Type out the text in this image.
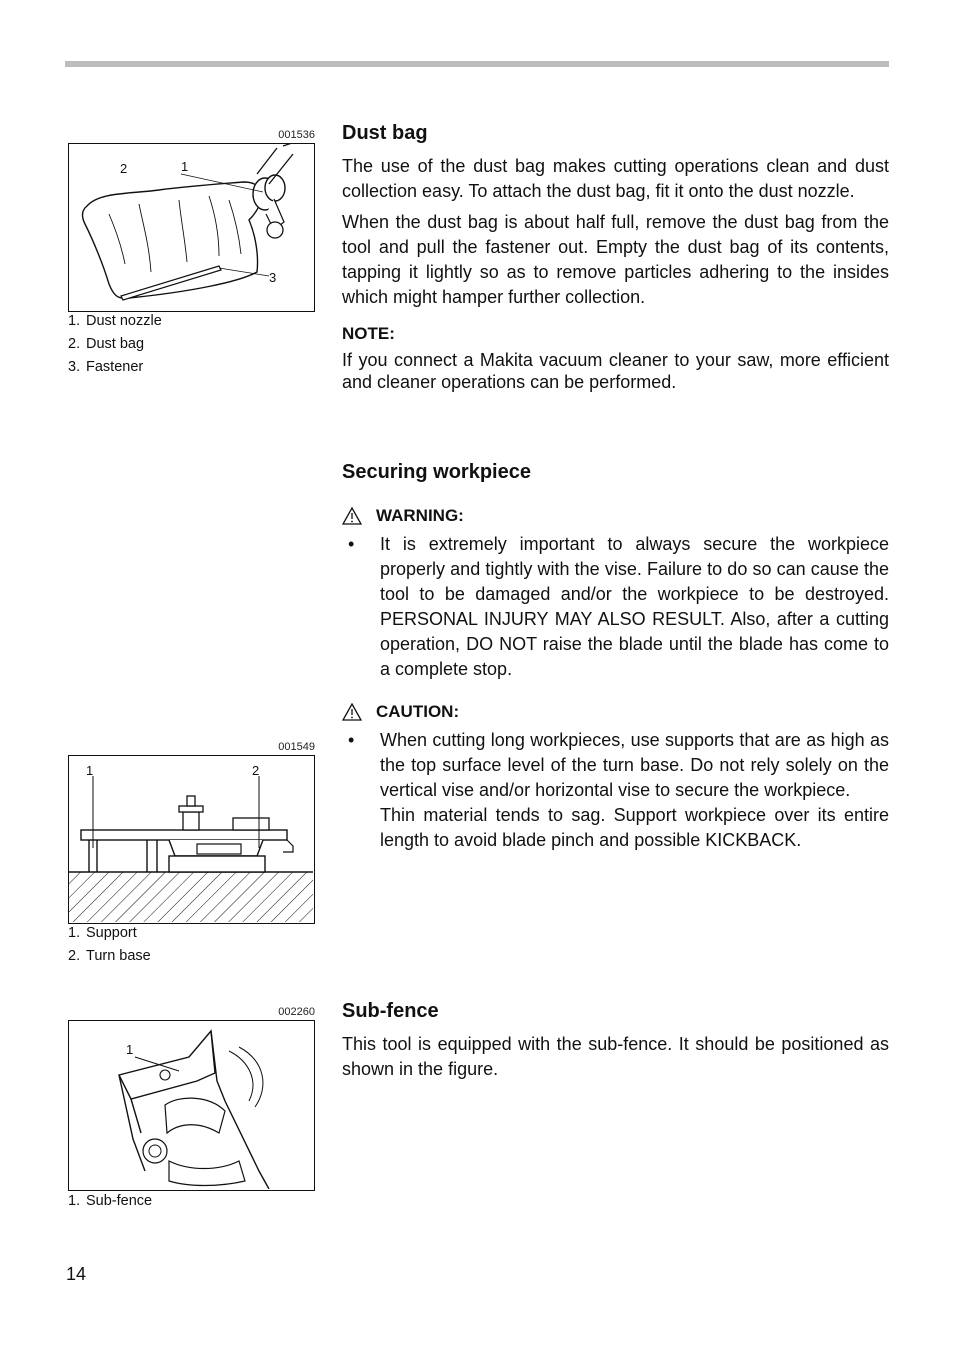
001536
2	1
3
1. Dust nozzle
2. Dust bag
3. Fastener
001549
1	2
1. Support
2. Turn base
002260
1
1. Sub-fence
Dust bag

The use of the dust bag makes cutting operations clean and dust collection easy. To attach the dust bag, fit it onto the dust nozzle.

When the dust bag is about half full, remove the dust bag from the tool and pull the fastener out. Empty the dust bag of its contents, tapping it lightly so as to remove particles adhering to the insides which might hamper further collection.

NOTE:

If you connect a Makita vacuum cleaner to your saw, more efficient and cleaner operations can be performed.

Securing workpiece
WARNING:
• It is extremely important to always secure the workpiece properly and tightly with the vise. Failure to do so can cause the tool to be damaged and/or the workpiece to be destroyed. PERSONAL INJURY MAY ALSO RESULT. Also, after a cutting operation, DO NOT raise the blade until the blade has come to a complete stop.

CAUTION:
• When cutting long workpieces, use supports that are as high as the top surface level of the turn base. Do not rely solely on the vertical vise and/or horizontal vise to secure the workpiece.

Thin material tends to sag. Support workpiece over its entire length to avoid blade pinch and possible KICKBACK.

Sub-fence

This tool is equipped with the sub-fence. It should be positioned as shown in the figure.

14
